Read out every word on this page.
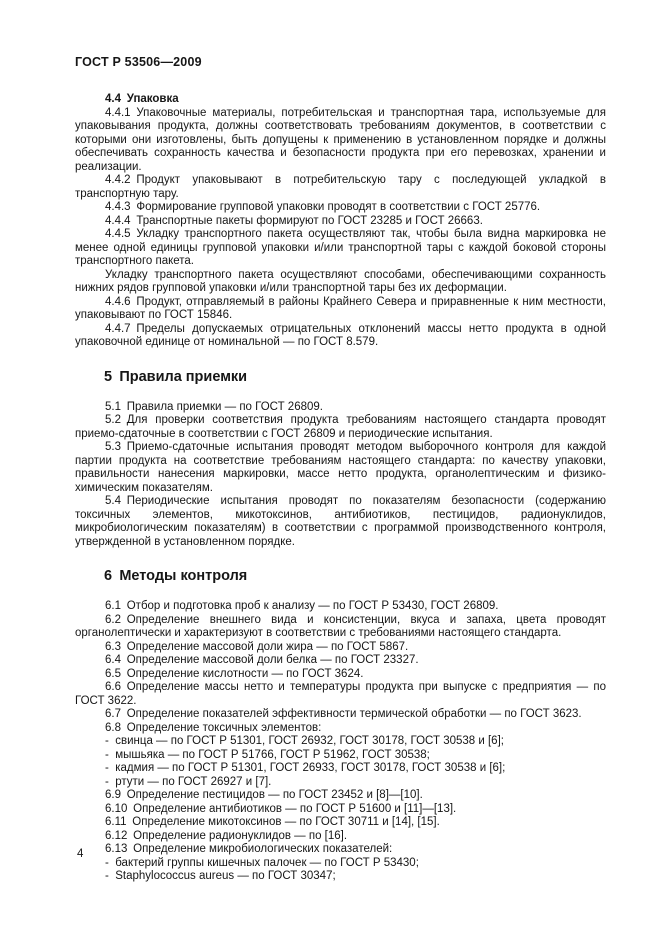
ГОСТ Р 53506—2009

4.4 Упаковка

4.4.1 Упаковочные материалы, потребительская и транспортная тара, используемые для упаковывания продукта, должны соответствовать требованиям документов, в соответствии с которыми они изготовлены, быть допущены к применению в установленном порядке и должны обеспечивать сохранность качества и безопасности продукта при его перевозках, хранении и реализации.

4.4.2 Продукт упаковывают в потребительскую тару с последующей укладкой в транспортную тару.

4.4.3 Формирование групповой упаковки проводят в соответствии с ГОСТ 25776.

4.4.4 Транспортные пакеты формируют по ГОСТ 23285 и ГОСТ 26663.

4.4.5 Укладку транспортного пакета осуществляют так, чтобы была видна маркировка не менее одной единицы групповой упаковки и/или транспортной тары с каждой боковой стороны транспортного пакета.

Укладку транспортного пакета осуществляют способами, обеспечивающими сохранность нижних рядов групповой упаковки и/или транспортной тары без их деформации.

4.4.6 Продукт, отправляемый в районы Крайнего Севера и приравненные к ним местности, упаковывают по ГОСТ 15846.

4.4.7 Пределы допускаемых отрицательных отклонений массы нетто продукта в одной упаковочной единице от номинальной — по ГОСТ 8.579.

5 Правила приемки

5.1 Правила приемки — по ГОСТ 26809.

5.2 Для проверки соответствия продукта требованиям настоящего стандарта проводят приемо-сдаточные в соответствии с ГОСТ 26809 и периодические испытания.

5.3 Приемо-сдаточные испытания проводят методом выборочного контроля для каждой партии продукта на соответствие требованиям настоящего стандарта: по качеству упаковки, правильности нанесения маркировки, массе нетто продукта, органолептическим и физико-химическим показателям.

5.4 Периодические испытания проводят по показателям безопасности (содержанию токсичных элементов, микотоксинов, антибиотиков, пестицидов, радионуклидов, микробиологическим показателям) в соответствии с программой производственного контроля, утвержденной в установленном порядке.

6 Методы контроля

6.1 Отбор и подготовка проб к анализу — по ГОСТ Р 53430, ГОСТ 26809.

6.2 Определение внешнего вида и консистенции, вкуса и запаха, цвета проводят органолептически и характеризуют в соответствии с требованиями настоящего стандарта.

6.3 Определение массовой доли жира — по ГОСТ 5867.

6.4 Определение массовой доли белка — по ГОСТ 23327.

6.5 Определение кислотности — по ГОСТ 3624.

6.6 Определение массы нетто и температуры продукта при выпуске с предприятия — по ГОСТ 3622.

6.7 Определение показателей эффективности термической обработки — по ГОСТ 3623.

6.8 Определение токсичных элементов:

-  свинца — по ГОСТ Р 51301, ГОСТ 26932, ГОСТ 30178, ГОСТ 30538 и [6];

-  мышьяка — по ГОСТ Р 51766, ГОСТ Р 51962, ГОСТ 30538;

-  кадмия — по ГОСТ Р 51301, ГОСТ 26933, ГОСТ 30178, ГОСТ 30538 и [6];

-  ртути — по ГОСТ 26927 и [7].

6.9 Определение пестицидов — по ГОСТ 23452 и [8]—[10].

6.10 Определение антибиотиков — по ГОСТ Р 51600 и [11]—[13].

6.11 Определение микотоксинов — по ГОСТ 30711 и [14], [15].

6.12 Определение радионуклидов — по [16].

6.13 Определение микробиологических показателей:

-  бактерий группы кишечных палочек — по ГОСТ Р 53430;

-  Staphylococcus aureus — по ГОСТ 30347;

4
